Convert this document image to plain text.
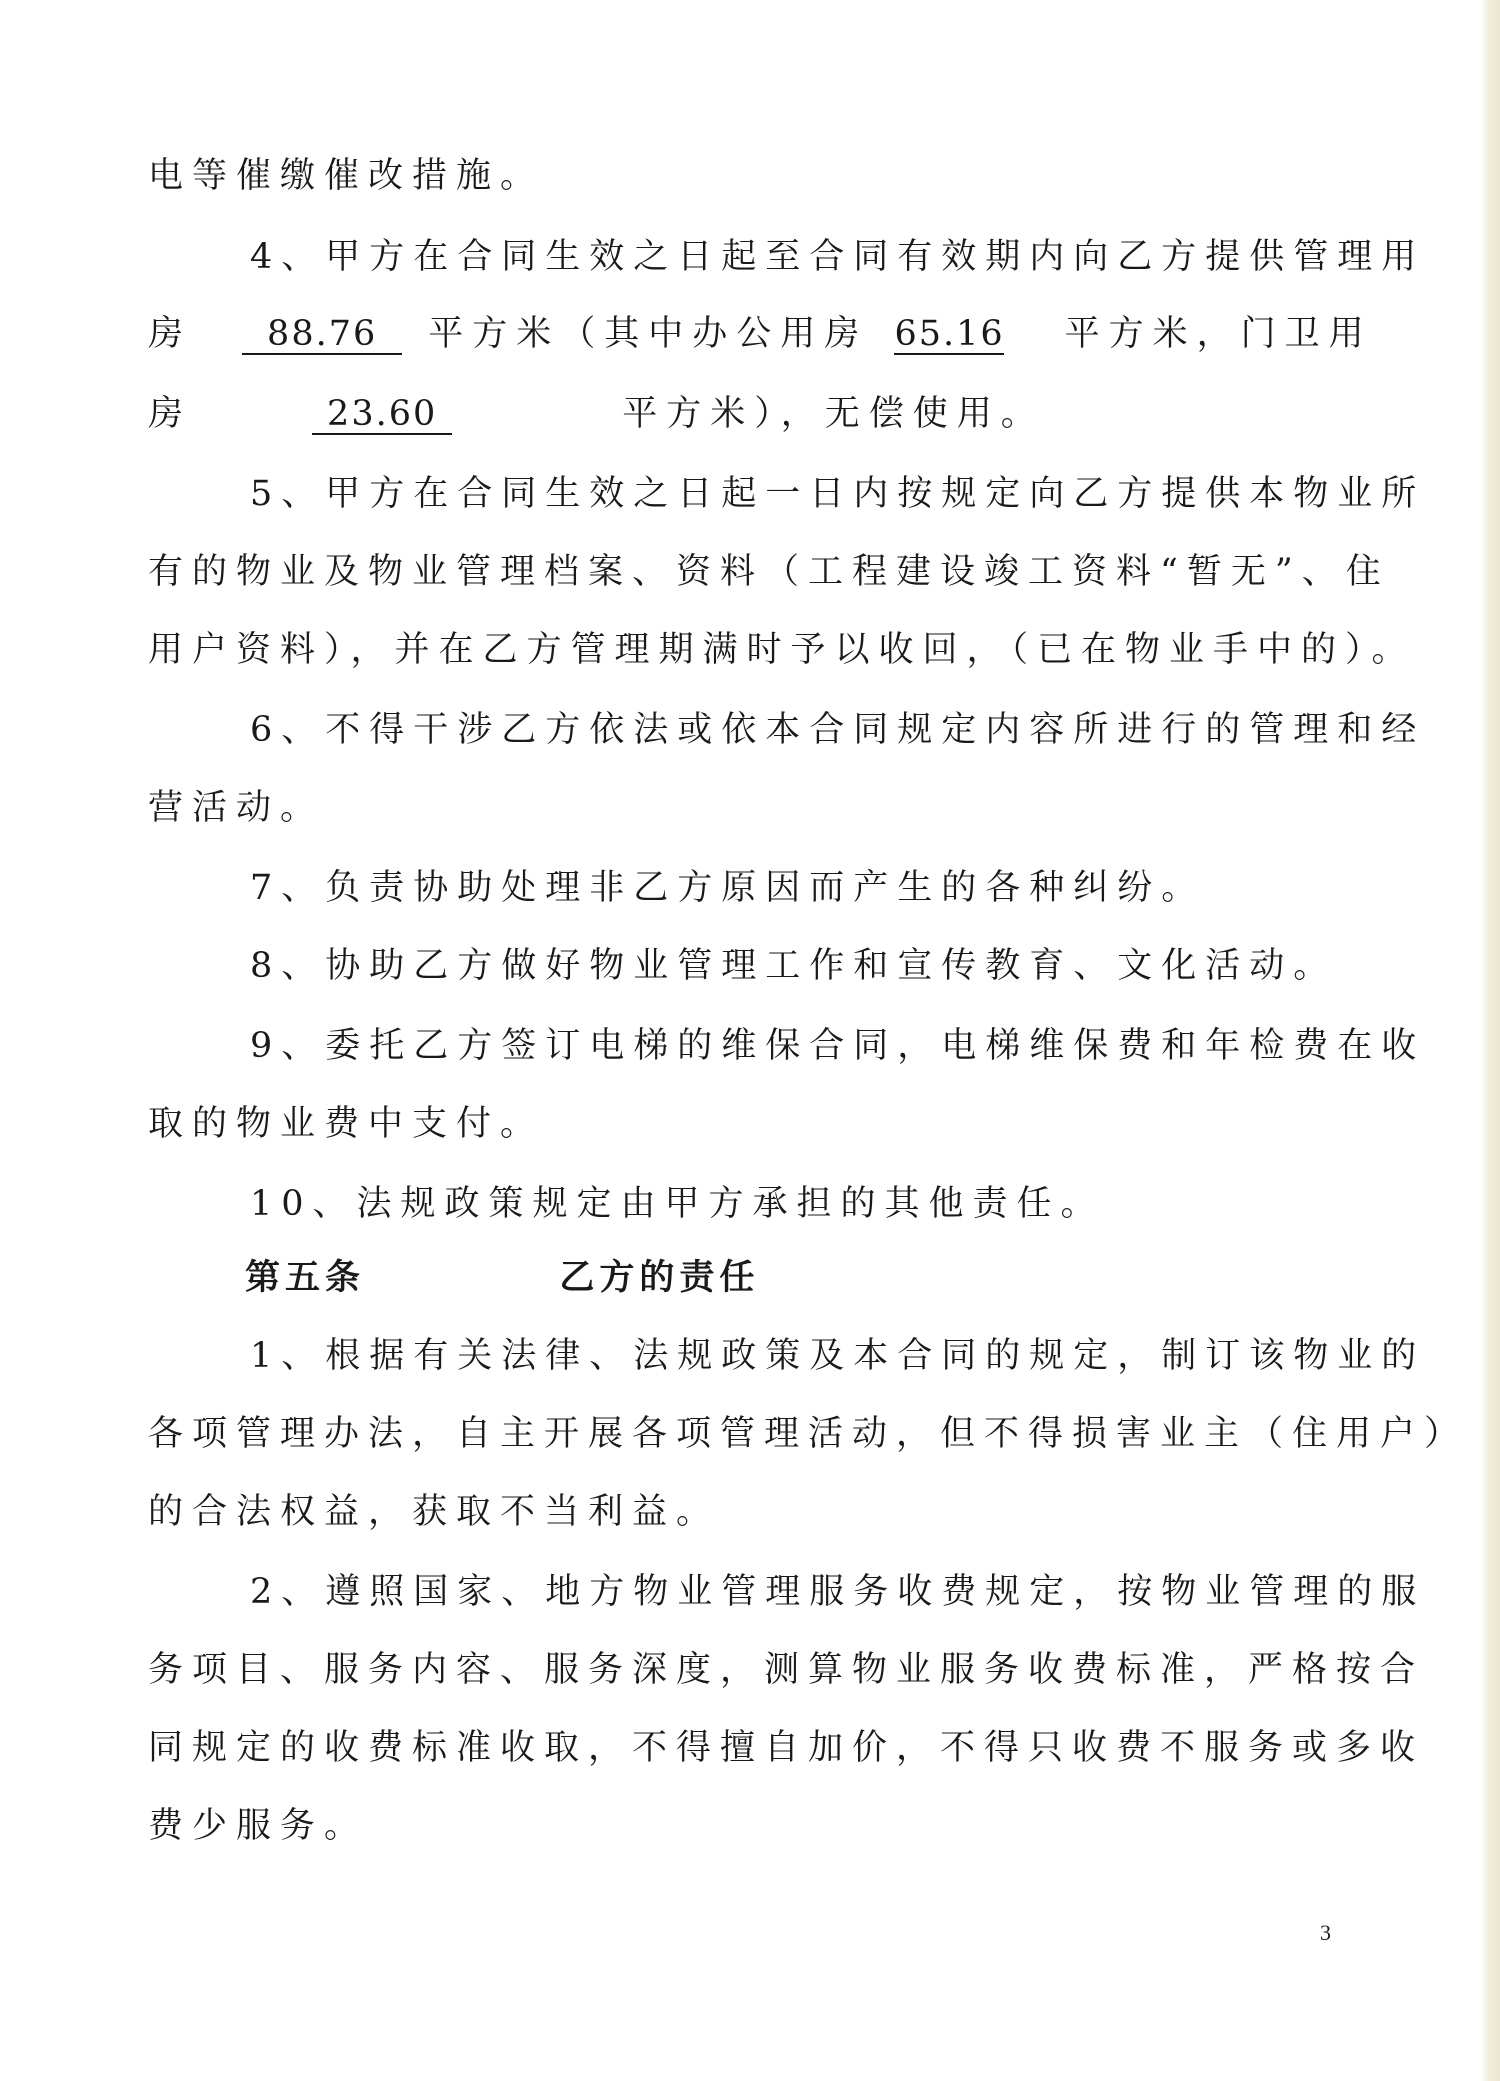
电等催缴催改措施。
4、甲方在合同生效之日起至合同有效期内向乙方提供管理用
房 88.76 平方米（其中办公用房 65.16 平方米，门卫用
房	23.60	平方米），无偿使用。
5、甲方在合同生效之日起一日内按规定向乙方提供本物业所
有的物业及物业管理档案、资料（工程建设竣工资料“暂无”、住
用户资料），并在乙方管理期满时予以收回，（已在物业手中的）。
6、不得干涉乙方依法或依本合同规定内容所进行的管理和经
营活动。
7、负责协助处理非乙方原因而产生的各种纠纷。
8、协助乙方做好物业管理工作和宣传教育、文化活动。
9、委托乙方签订电梯的维保合同，电梯维保费和年检费在收
取的物业费中支付。
10、法规政策规定由甲方承担的其他责任。
第五条	乙方的责任
1、根据有关法律、法规政策及本合同的规定，制订该物业的
各项管理办法，自主开展各项管理活动，但不得损害业主（住用户）
的合法权益，获取不当利益。
2、遵照国家、地方物业管理服务收费规定，按物业管理的服
务项目、服务内容、服务深度，测算物业服务收费标准，严格按合
同规定的收费标准收取，不得擅自加价，不得只收费不服务或多收
费少服务。
3
